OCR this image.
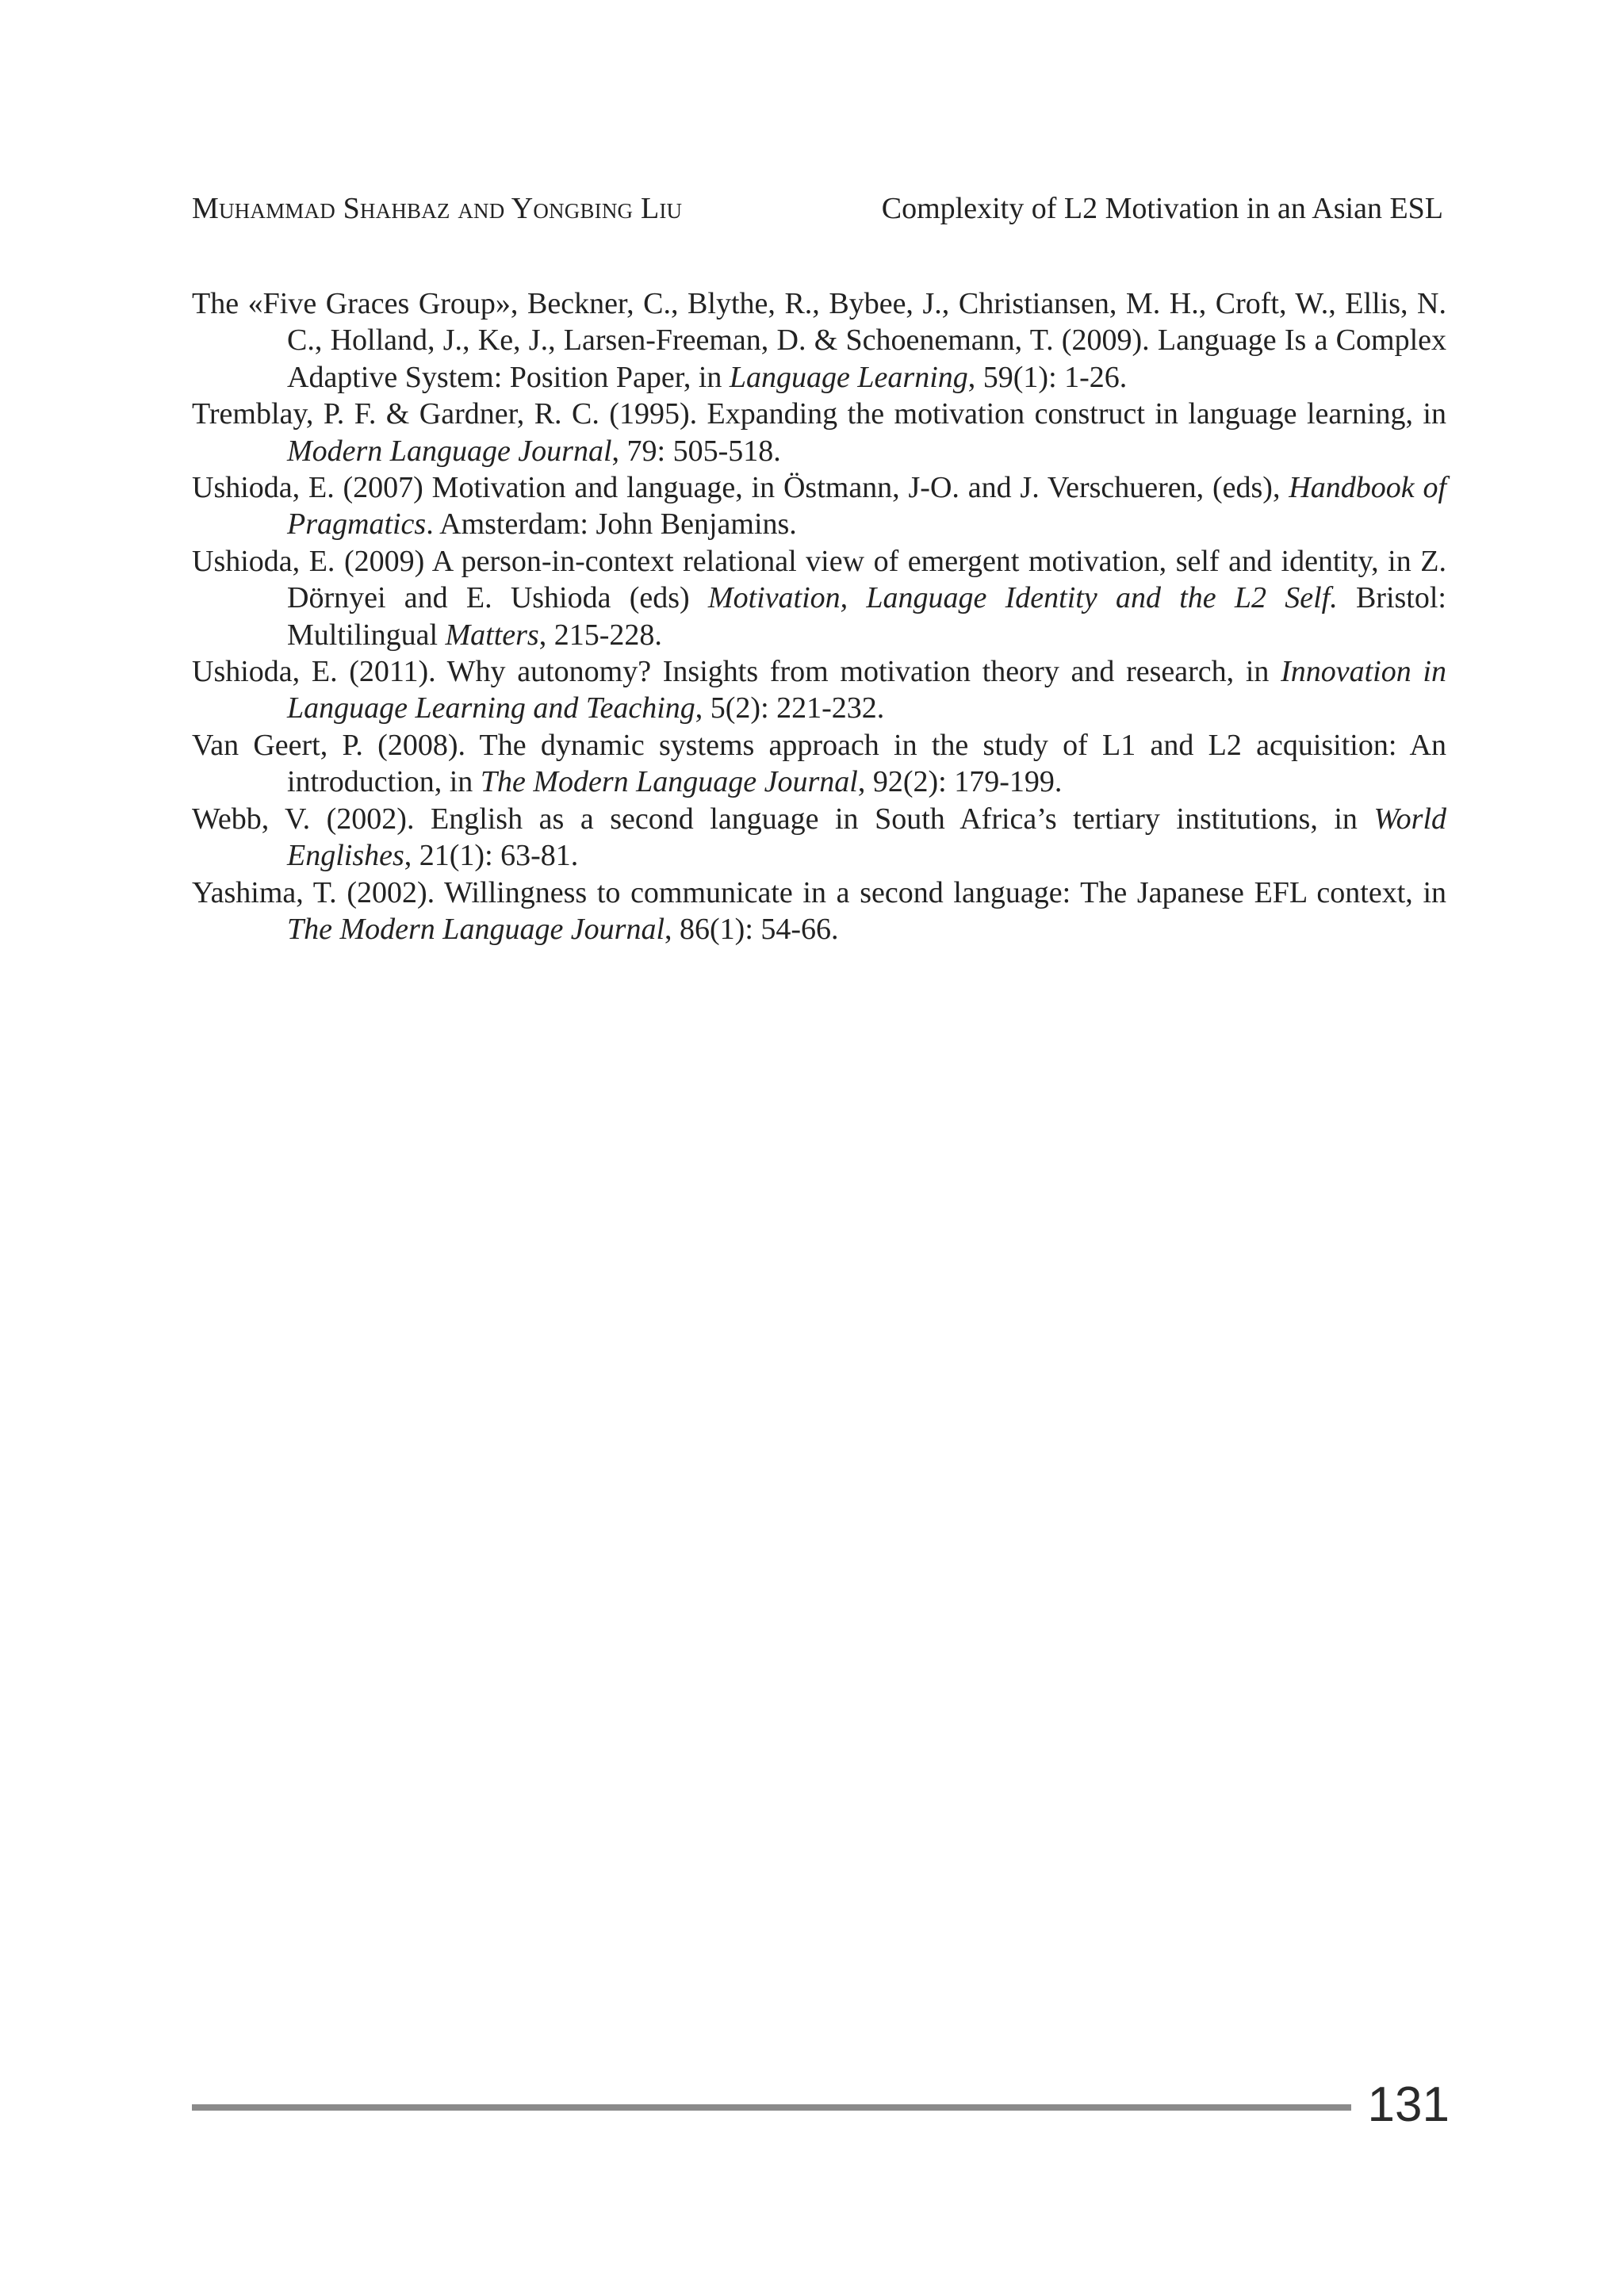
Muhammad Shahbaz and Yongbing Liu	Complexity of L2 Motivation in an Asian ESL

The «Five Graces Group», Beckner, C., Blythe, R., Bybee, J., Christiansen, M. H., Croft, W., Ellis, N. C., Holland, J., Ke, J., Larsen-Freeman, D. & Schoenemann, T. (2009). Language Is a Complex Adaptive System: Position Paper, in Language Learning, 59(1): 1-26.

Tremblay, P. F. & Gardner, R. C. (1995). Expanding the motivation construct in language learning, in Modern Language Journal, 79: 505-518.

Ushioda, E. (2007) Motivation and language, in Östmann, J-O. and J. Verschueren, (eds), Handbook of Pragmatics. Amsterdam: John Benjamins.

Ushioda, E. (2009) A person-in-context relational view of emergent motivation, self and identity, in Z. Dörnyei and E. Ushioda (eds) Motivation, Language Identity and the L2 Self. Bristol: Multilingual Matters, 215-228.

Ushioda, E. (2011). Why autonomy? Insights from motivation theory and research, in Innovation in Language Learning and Teaching, 5(2): 221-232.

Van Geert, P. (2008). The dynamic systems approach in the study of L1 and L2 acquisition: An introduction, in The Modern Language Journal, 92(2): 179-199.

Webb, V. (2002). English as a second language in South Africa’s tertiary institutions, in World Englishes, 21(1): 63-81.

Yashima, T. (2002). Willingness to communicate in a second language: The Japanese EFL context, in The Modern Language Journal, 86(1): 54-66.

131
